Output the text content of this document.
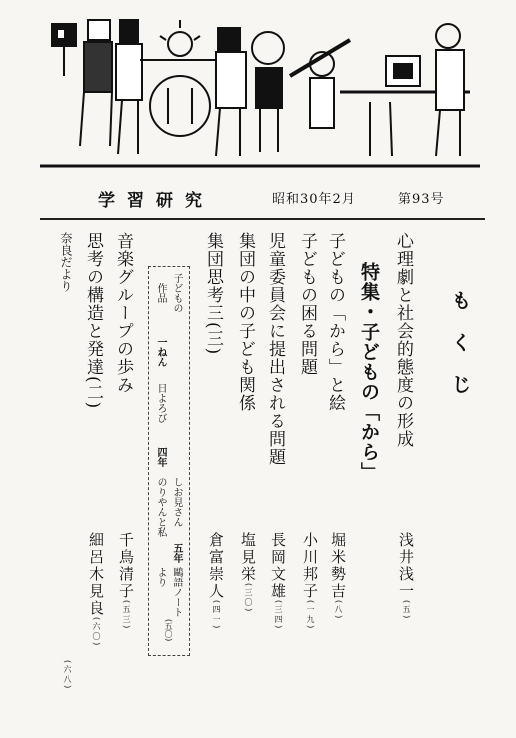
学習研究	昭和30年2月	第93号
もくじ
心理劇と社会的態度の形成
浅井浅一(五)
特集・子どもの「から」
子どもの「から」と絵
堀米勢吉(八)
子どもの困る問題
小川邦子(一九)
児童委員会に提出される問題
長岡文雄(三四)
集団の中の子ども関係
塩見栄(三〇)
集団思考三(三)
倉富崇人(四一)
子どもの
作品
一ねん
日よろび
四年
しお見さん
のりやんと私
五年
鷗語ノート
より
(五〇)
音楽グループの歩み
千鳥清子(五三)
思考の構造と発達(二)
細呂木見良(六〇)
奈良だより
(六八)
